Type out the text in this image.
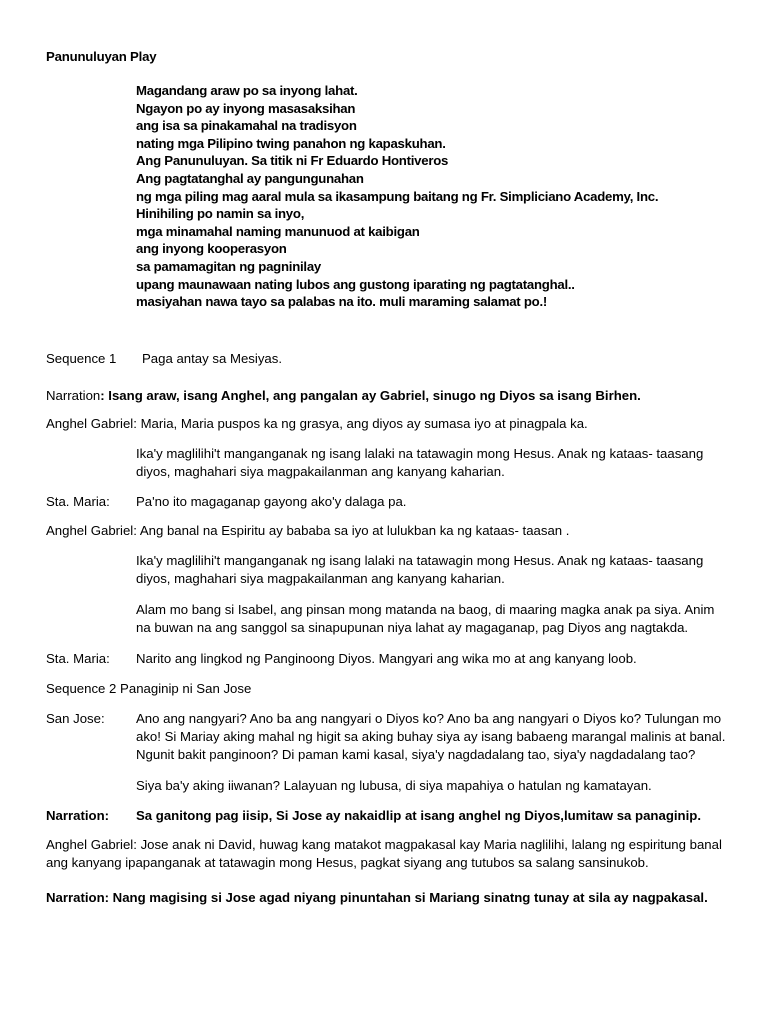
Panunuluyan Play
Magandang araw po sa inyong lahat.
Ngayon po ay inyong masasaksihan
ang isa sa pinakamahal na tradisyon
nating mga Pilipino twing panahon ng kapaskuhan.
Ang Panunuluyan. Sa titik ni Fr Eduardo Hontiveros
Ang pagtatanghal ay pangungunahan
ng mga piling mag aaral mula sa ikasampung baitang ng Fr. Simpliciano Academy, Inc.
Hinihiling po namin sa inyo,
mga minamahal naming manunuod at kaibigan
ang inyong kooperasyon
sa pamamagitan ng pagninilay
upang maunawaan nating lubos ang gustong iparating ng pagtatanghal..
masiyahan nawa tayo sa palabas na ito. muli maraming salamat po.!
Sequence 1 Paga antay sa Mesiyas.
Narration: Isang araw, isang Anghel, ang pangalan ay Gabriel, sinugo ng Diyos sa isang Birhen.
Anghel Gabriel: Maria, Maria puspos ka ng grasya, ang diyos ay sumasa iyo at pinagpala ka.
Ika'y maglilihi't manganganak ng isang lalaki na tatawagin mong Hesus. Anak ng kataas- taasang diyos, maghahari siya magpakailanman ang kanyang kaharian.
Sta. Maria: Pa'no ito magaganap gayong ako'y dalaga pa.
Anghel Gabriel: Ang banal na Espiritu ay bababa sa iyo at lulukban ka ng kataas- taasan .
Ika'y maglilihi't manganganak ng isang lalaki na tatawagin mong Hesus. Anak ng kataas- taasang diyos, maghahari siya magpakailanman ang kanyang kaharian.
Alam mo bang si Isabel, ang pinsan mong matanda na baog, di maaring magka anak pa siya. Anim na buwan na ang sanggol sa sinapupunan niya lahat ay magaganap, pag Diyos ang nagtakda.
Sta. Maria: Narito ang lingkod ng Panginoong Diyos. Mangyari ang wika mo at ang kanyang loob.
Sequence 2 Panaginip ni San Jose
San Jose:	Ano ang nangyari? Ano ba ang nangyari o Diyos ko? Ano ba ang nangyari o Diyos ko? Tulungan mo ako! Si Mariay aking mahal ng higit sa aking buhay siya ay isang babaeng marangal malinis at banal. Ngunit bakit panginoon? Di paman kami kasal, siya'y nagdadalang tao, siya'y nagdadalang tao?
Siya ba'y aking iiwanan? Lalayuan ng lubusa, di siya mapahiya o hatulan ng kamatayan.
Narration:	Sa ganitong pag iisip, Si Jose ay nakaidlip at isang anghel ng Diyos,lumitaw sa panaginip.
Anghel Gabriel: Jose anak ni David, huwag kang matakot magpakasal kay Maria naglilihi, lalang ng espiritung banal ang kanyang ipapanganak at tatawagin mong Hesus, pagkat siyang ang tutubos sa salang sansinukob.
Narration: Nang magising si Jose agad niyang pinuntahan si Mariang sinatng tunay at sila ay nagpakasal.
